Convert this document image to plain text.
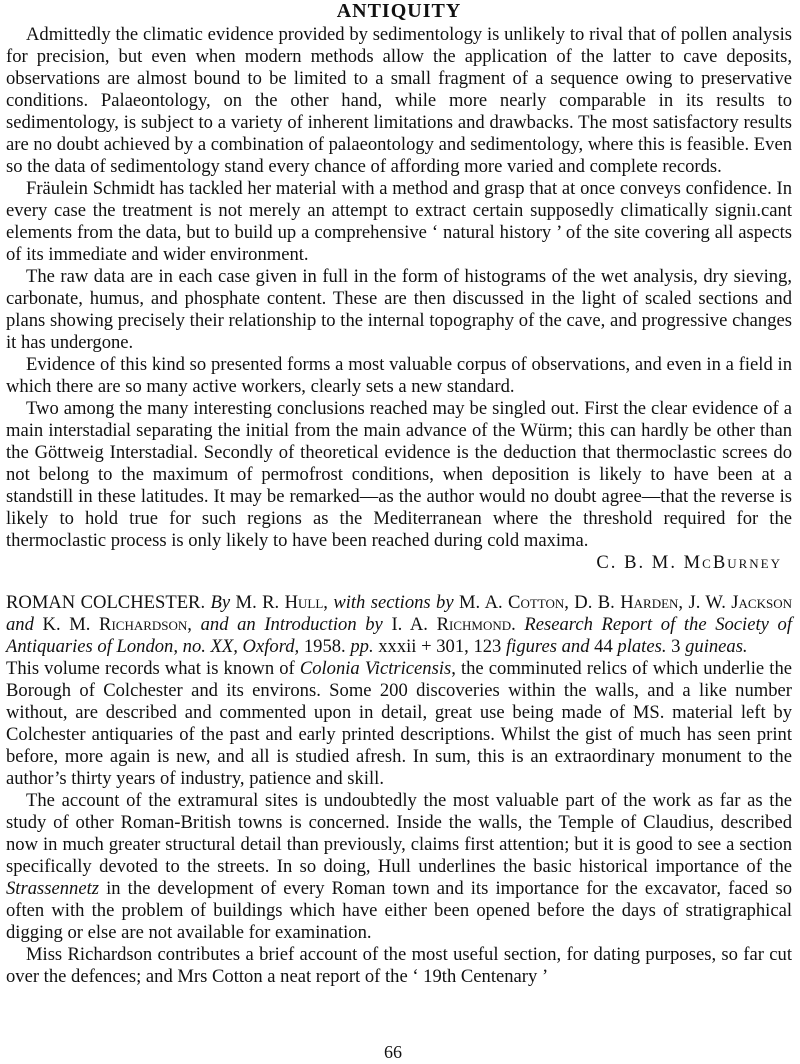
ANTIQUITY

Admittedly the climatic evidence provided by sedimentology is unlikely to rival that of pollen analysis for precision, but even when modern methods allow the application of the latter to cave deposits, observations are almost bound to be limited to a small fragment of a sequence owing to preservative conditions. Palaeontology, on the other hand, while more nearly comparable in its results to sedimentology, is subject to a variety of inherent limitations and drawbacks. The most satisfactory results are no doubt achieved by a combination of palaeontology and sedimentology, where this is feasible. Even so the data of sedimentology stand every chance of affording more varied and complete records.

Fräulein Schmidt has tackled her material with a method and grasp that at once conveys confidence. In every case the treatment is not merely an attempt to extract certain supposedly climatically signiı.cant elements from the data, but to build up a comprehensive ‘ natural history ’ of the site covering all aspects of its immediate and wider environment.

The raw data are in each case given in full in the form of histograms of the wet analysis, dry sieving, carbonate, humus, and phosphate content. These are then discussed in the light of scaled sections and plans showing precisely their relationship to the internal topography of the cave, and progressive changes it has undergone.

Evidence of this kind so presented forms a most valuable corpus of observations, and even in a field in which there are so many active workers, clearly sets a new standard.

Two among the many interesting conclusions reached may be singled out. First the clear evidence of a main interstadial separating the initial from the main advance of the Würm; this can hardly be other than the Göttweig Interstadial. Secondly of theoretical evidence is the deduction that thermoclastic screes do not belong to the maximum of permofrost conditions, when deposition is likely to have been at a standstill in these latitudes. It may be remarked—as the author would no doubt agree—that the reverse is likely to hold true for such regions as the Mediterranean where the threshold required for the thermoclastic process is only likely to have been reached during cold maxima.

C. B. M. McBurney

ROMAN COLCHESTER. By M. R. Hull, with sections by M. A. Cotton, D. B. Harden, J. W. Jackson and K. M. Richardson, and an Introduction by I. A. Richmond. Research Report of the Society of Antiquaries of London, no. XX, Oxford, 1958. pp. xxxii + 301, 123 figures and 44 plates. 3 guineas.

This volume records what is known of Colonia Victricensis, the comminuted relics of which underlie the Borough of Colchester and its environs. Some 200 discoveries within the walls, and a like number without, are described and commented upon in detail, great use being made of MS. material left by Colchester antiquaries of the past and early printed descriptions. Whilst the gist of much has seen print before, more again is new, and all is studied afresh. In sum, this is an extraordinary monument to the author’s thirty years of industry, patience and skill.

The account of the extramural sites is undoubtedly the most valuable part of the work as far as the study of other Roman-British towns is concerned. Inside the walls, the Temple of Claudius, described now in much greater structural detail than previously, claims first attention; but it is good to see a section specifically devoted to the streets. In so doing, Hull underlines the basic historical importance of the Strassennetz in the development of every Roman town and its importance for the excavator, faced so often with the problem of buildings which have either been opened before the days of stratigraphical digging or else are not available for examination.

Miss Richardson contributes a brief account of the most useful section, for dating purposes, so far cut over the defences; and Mrs Cotton a neat report of the ‘ 19th Centenary ’

66
